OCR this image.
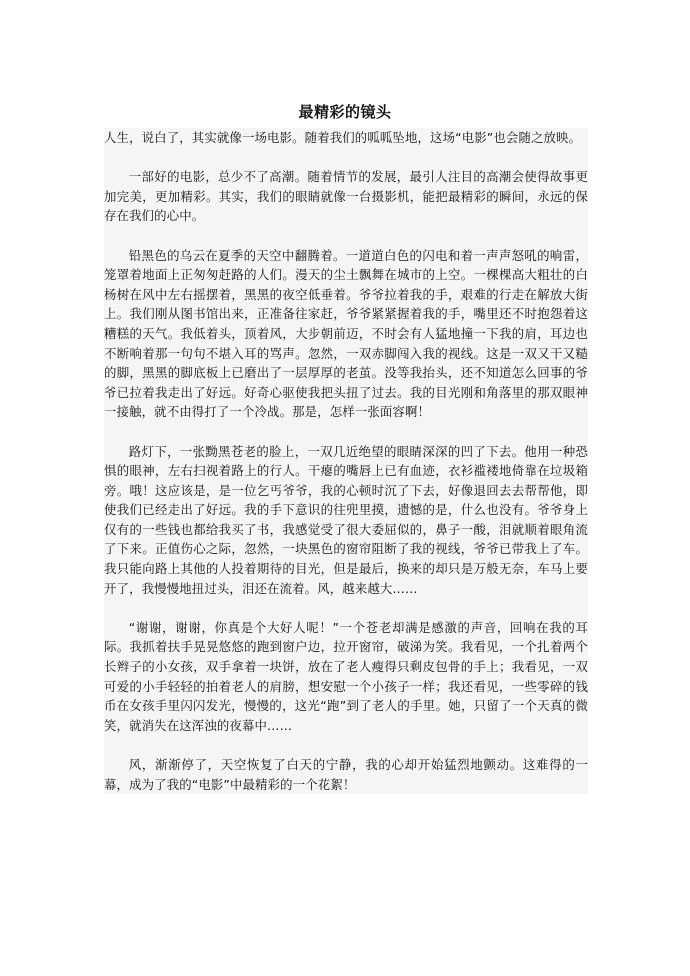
最精彩的镜头

人生，说白了，其实就像一场电影。随着我们的呱呱坠地，这场“电影”也会随之放映。

一部好的电影，总少不了高潮。随着情节的发展，最引人注目的高潮会使得故事更加完美，更加精彩。其实，我们的眼睛就像一台摄影机，能把最精彩的瞬间，永远的保存在我们的心中。

铅黑色的乌云在夏季的天空中翻腾着。一道道白色的闪电和着一声声怒吼的响雷，笼罩着地面上正匆匆赶路的人们。漫天的尘土飘舞在城市的上空。一棵棵高大粗壮的白杨树在风中左右摇摆着，黑黑的夜空低垂着。爷爷拉着我的手，艰难的行走在解放大街上。我们刚从图书馆出来，正准备往家赶，爷爷紧紧握着我的手，嘴里还不时抱怨着这糟糕的天气。我低着头，顶着风，大步朝前迈，不时会有人猛地撞一下我的肩，耳边也不断响着那一句句不堪入耳的骂声。忽然，一双赤脚闯入我的视线。这是一双又干又糙的脚，黑黑的脚底板上已磨出了一层厚厚的老茧。没等我抬头，还不知道怎么回事的爷爷已拉着我走出了好远。好奇心驱使我把头扭了过去。我的目光刚和角落里的那双眼神一接触，就不由得打了一个冷战。那是，怎样一张面容啊！

路灯下，一张黝黑苍老的脸上，一双几近绝望的眼睛深深的凹了下去。他用一种恐惧的眼神，左右扫视着路上的行人。干瘪的嘴唇上已有血迹，衣衫褴褛地倚靠在垃圾箱旁。哦！这应该是，是一位乞丐爷爷，我的心顿时沉了下去，好像退回去去帮帮他，即使我们已经走出了好远。我的手下意识的往兜里摸，遗憾的是，什么也没有。爷爷身上仅有的一些钱也都给我买了书，我感觉受了很大委屈似的，鼻子一酸，泪就顺着眼角流了下来。正值伤心之际，忽然，一块黑色的窗帘阻断了我的视线，爷爷已带我上了车。我只能向路上其他的人投着期待的目光，但是最后，换来的却只是万般无奈，车马上要开了，我慢慢地扭过头，泪还在流着。风，越来越大……

“谢谢，谢谢，你真是个大好人呢！”一个苍老却满是感激的声音，回响在我的耳际。我抓着扶手晃晃悠悠的跑到窗户边，拉开窗帘，破涕为笑。我看见，一个扎着两个长辫子的小女孩，双手拿着一块饼，放在了老人瘦得只剩皮包骨的手上；我看见，一双可爱的小手轻轻的拍着老人的肩膀，想安慰一个小孩子一样；我还看见，一些零碎的钱币在女孩手里闪闪发光，慢慢的，这光“跑”到了老人的手里。她，只留了一个天真的微笑，就消失在这浑浊的夜幕中……

风，渐渐停了，天空恢复了白天的宁静，我的心却开始猛烈地颤动。这难得的一幕，成为了我的“电影”中最精彩的一个花絮！
